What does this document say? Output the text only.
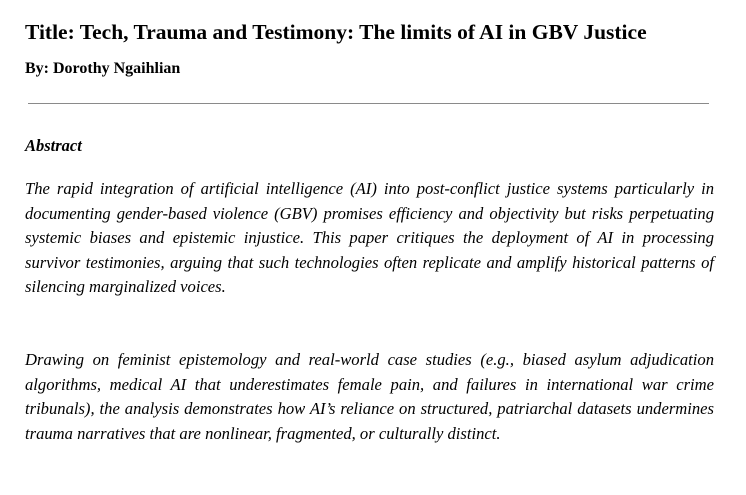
Title: Tech, Trauma and Testimony: The limits of AI in GBV Justice

By: Dorothy Ngaihlian

Abstract

The rapid integration of artificial intelligence (AI) into post-conflict justice systems particularly in documenting gender-based violence (GBV) promises efficiency and objectivity but risks perpetuating systemic biases and epistemic injustice. This paper critiques the deployment of AI in processing survivor testimonies, arguing that such technologies often replicate and amplify historical patterns of silencing marginalized voices.

Drawing on feminist epistemology and real-world case studies (e.g., biased asylum adjudication algorithms, medical AI that underestimates female pain, and failures in international war crime tribunals), the analysis demonstrates how AI’s reliance on structured, patriarchal datasets undermines trauma narratives that are nonlinear, fragmented, or culturally distinct.
